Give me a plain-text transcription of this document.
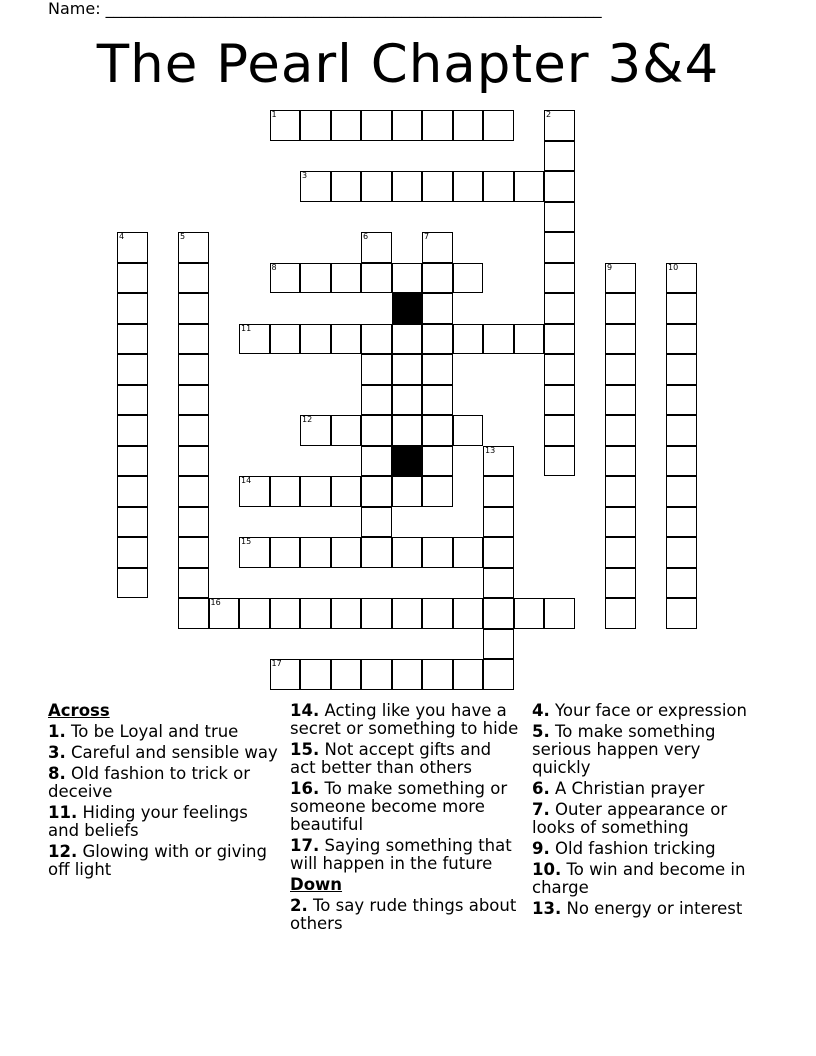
Name: ______________________________________________________________
The Pearl Chapter 3&4
1	2
3
4	5	6	7
8	9	10
11
12
13
14
15
16
17
Across
1. To be Loyal and true
3. Careful and sensible way
8. Old fashion to trick or deceive
11. Hiding your feelings and beliefs
12. Glowing with or giving off light
14. Acting like you have a secret or something to hide
15. Not accept gifts and act better than others
16. To make something or someone become more beautiful
17. Saying something that will happen in the future
Down
2. To say rude things about others
4. Your face or expression
5. To make something serious happen very quickly
6. A Christian prayer
7. Outer appearance or looks of something
9. Old fashion tricking
10. To win and become in charge
13. No energy or interest
